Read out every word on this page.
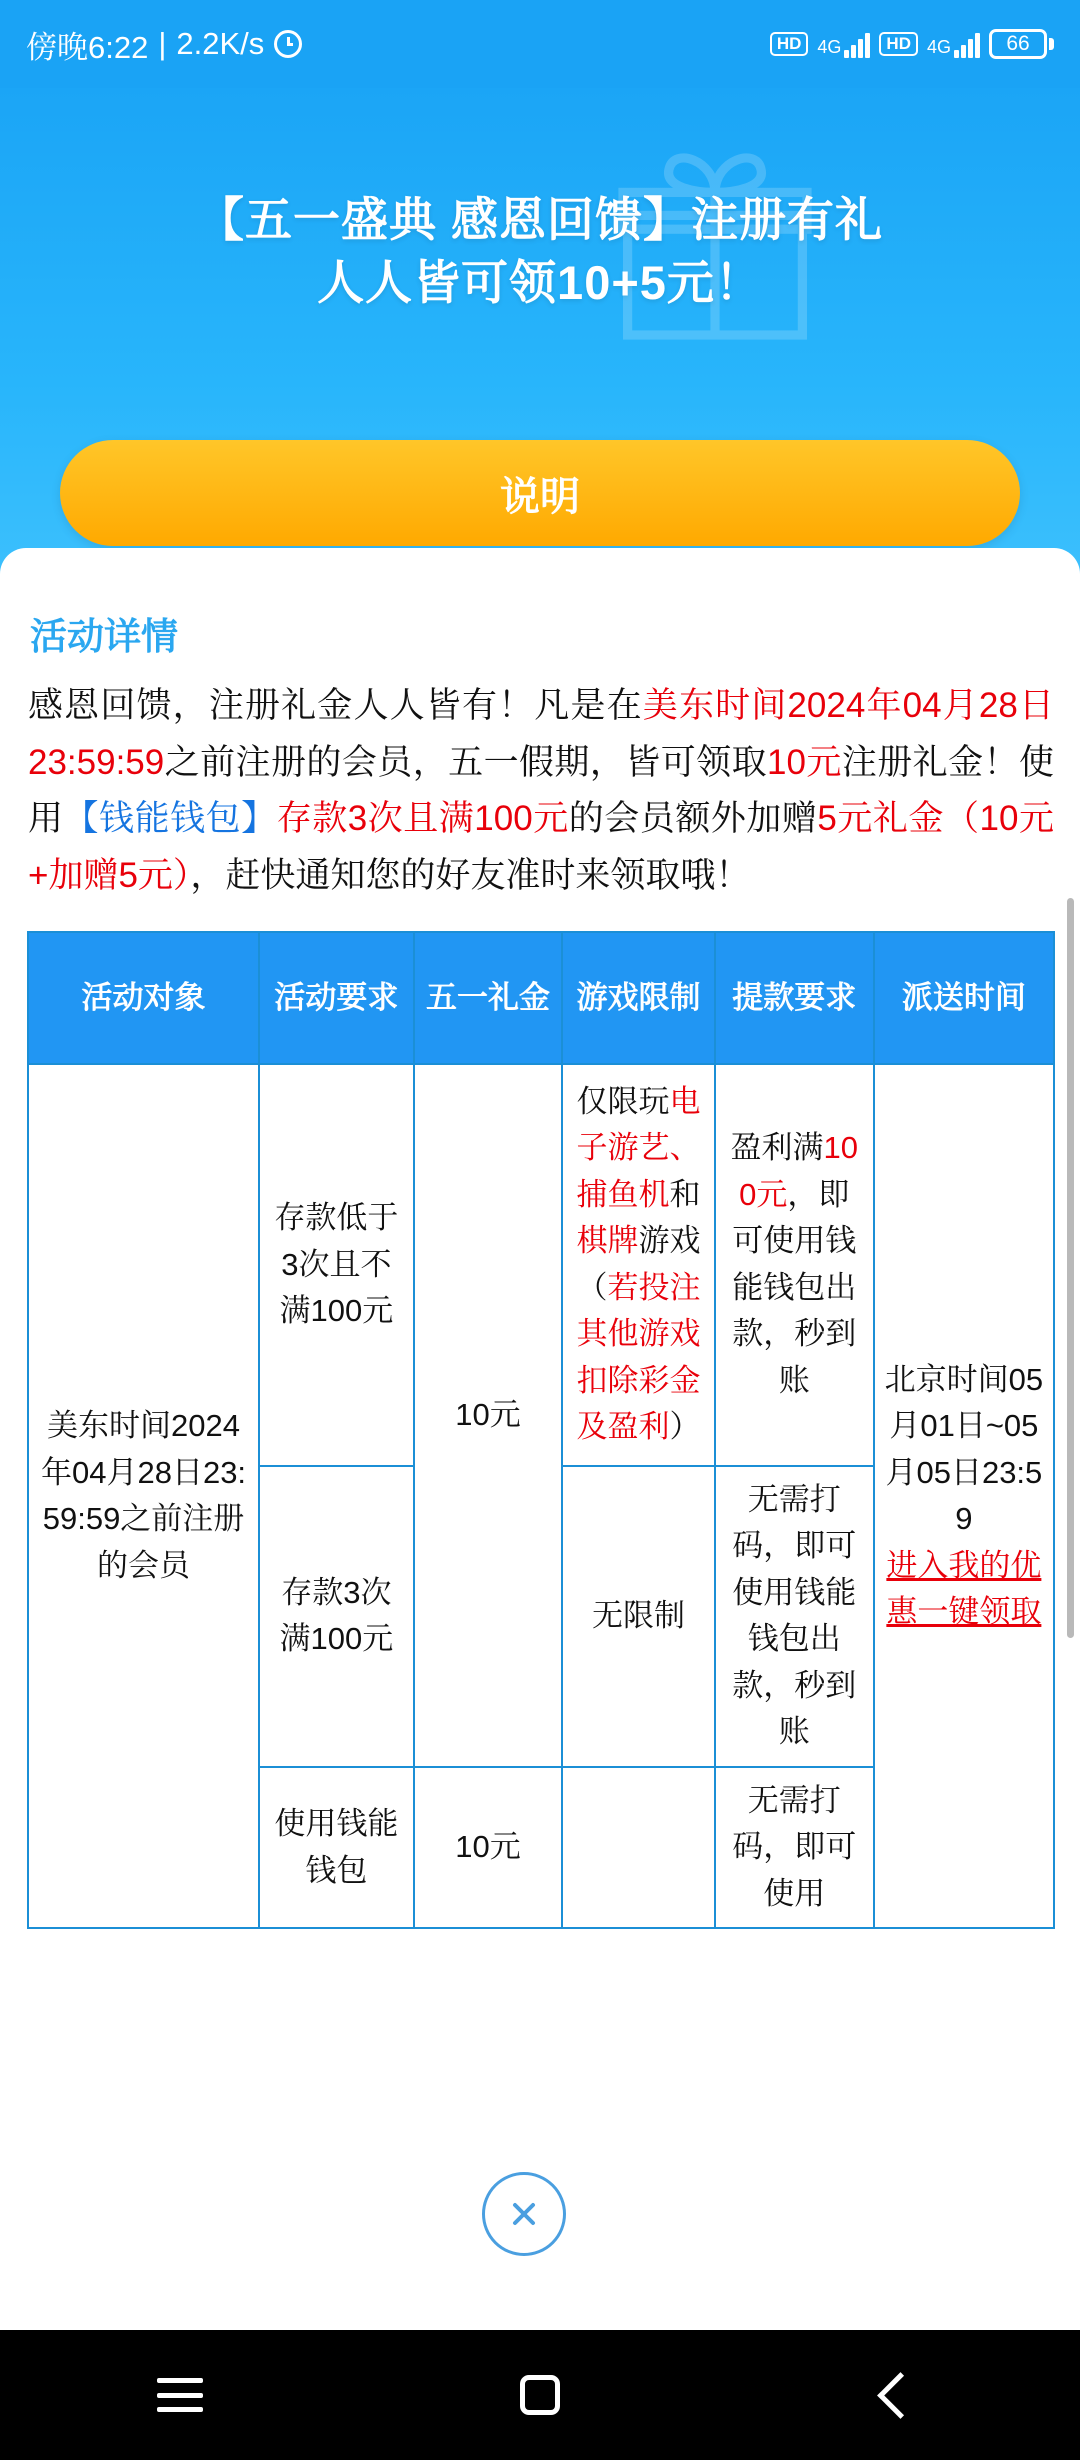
傍晚6:22 | 2.2K/s	HD 4G	HD 4G	66
【五一盛典 感恩回馈】注册有礼
人人皆可领10+5元！
说明
活动详情

感恩回馈，注册礼金人人皆有！凡是在美东时间2024年04月28日23:59:59之前注册的会员，五一假期，皆可领取10元注册礼金！使用【钱能钱包】存款3次且满100元的会员额外加赠5元礼金（10元+加赠5元），赶快通知您的好友准时来领取哦！

活动对象	活动要求	五一礼金	游戏限制	提款要求	派送时间
美东时间2024年04月28日23:59:59之前注册的会员	存款低于3次且不满100元	10元	仅限玩电子游艺、捕鱼机和棋牌游戏（若投注其他游戏扣除彩金及盈利）	盈利满100元，即可使用钱能钱包出款，秒到账	北京时间05月01日~05月05日23:59
进入我的优惠一键领取
	存款3次满100元		无限制	无需打码，即可使用钱能钱包出款，秒到账	
	使用钱能钱包	10元		无需打码，即可使用	
